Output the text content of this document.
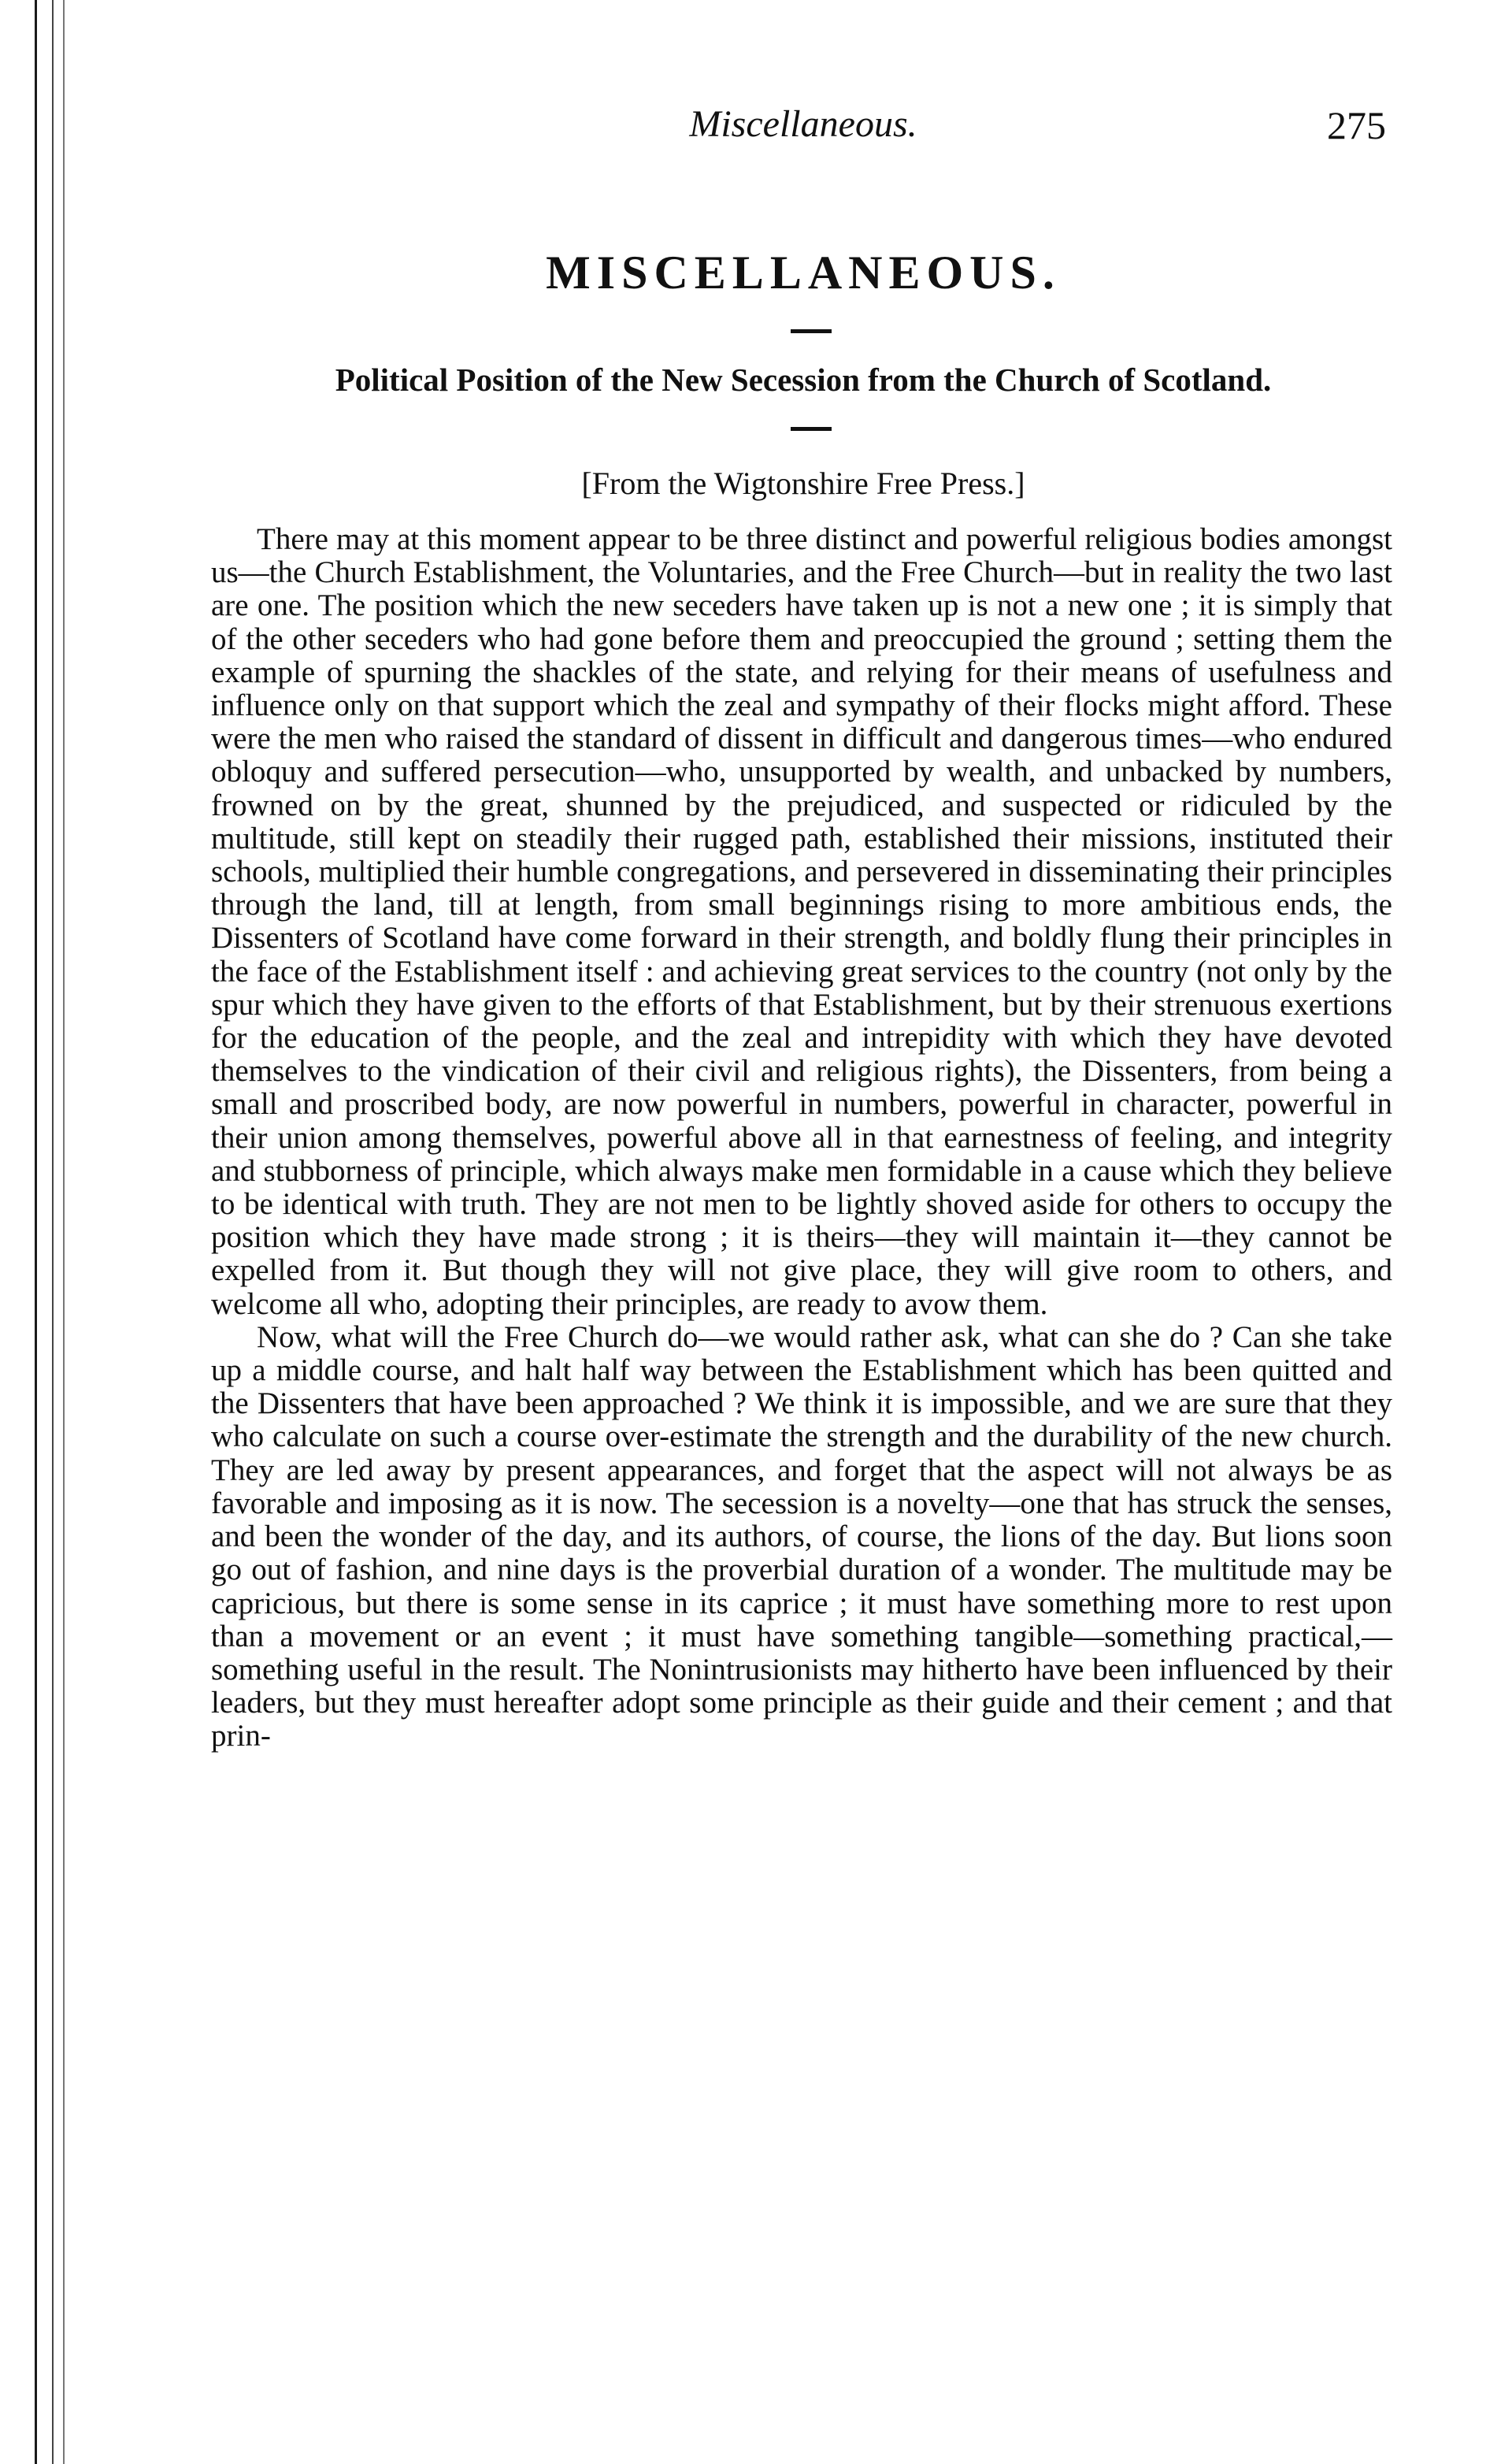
Miscellaneous.	275
MISCELLANEOUS.
Political Position of the New Secession from the Church of Scotland.
[From the Wigtonshire Free Press.]

There may at this moment appear to be three distinct and powerful religious bodies amongst us—the Church Establishment, the Voluntaries, and the Free Church—but in reality the two last are one. The position which the new seceders have taken up is not a new one ; it is simply that of the other seceders who had gone before them and preoccupied the ground ; setting them the example of spurning the shackles of the state, and relying for their means of usefulness and influence only on that support which the zeal and sympathy of their flocks might afford. These were the men who raised the standard of dissent in difficult and dangerous times—who endured obloquy and suffered persecution—who, unsupported by wealth, and unbacked by numbers, frowned on by the great, shunned by the prejudiced, and suspected or ridiculed by the multitude, still kept on steadily their rugged path, established their missions, instituted their schools, multiplied their humble congregations, and persevered in disseminating their principles through the land, till at length, from small beginnings rising to more ambitious ends, the Dissenters of Scotland have come forward in their strength, and boldly flung their principles in the face of the Establishment itself : and achieving great services to the country (not only by the spur which they have given to the efforts of that Establishment, but by their strenuous exertions for the education of the people, and the zeal and intrepidity with which they have devoted themselves to the vindication of their civil and religious rights), the Dissenters, from being a small and proscribed body, are now powerful in numbers, powerful in character, powerful in their union among themselves, powerful above all in that earnestness of feeling, and integrity and stubborness of principle, which always make men formidable in a cause which they believe to be identical with truth. They are not men to be lightly shoved aside for others to occupy the position which they have made strong ; it is theirs—they will maintain it—they cannot be expelled from it. But though they will not give place, they will give room to others, and welcome all who, adopting their principles, are ready to avow them.

Now, what will the Free Church do—we would rather ask, what can she do ? Can she take up a middle course, and halt half way between the Establishment which has been quitted and the Dissenters that have been approached ? We think it is impossible, and we are sure that they who calculate on such a course over-estimate the strength and the durability of the new church. They are led away by present appearances, and forget that the aspect will not always be as favorable and imposing as it is now. The secession is a novelty—one that has struck the senses, and been the wonder of the day, and its authors, of course, the lions of the day. But lions soon go out of fashion, and nine days is the proverbial duration of a wonder. The multitude may be capricious, but there is some sense in its caprice ; it must have something more to rest upon than a movement or an event ; it must have something tangible—something practical,—something useful in the result. The Nonintrusionists may hitherto have been influenced by their leaders, but they must hereafter adopt some principle as their guide and their cement ; and that prin-
